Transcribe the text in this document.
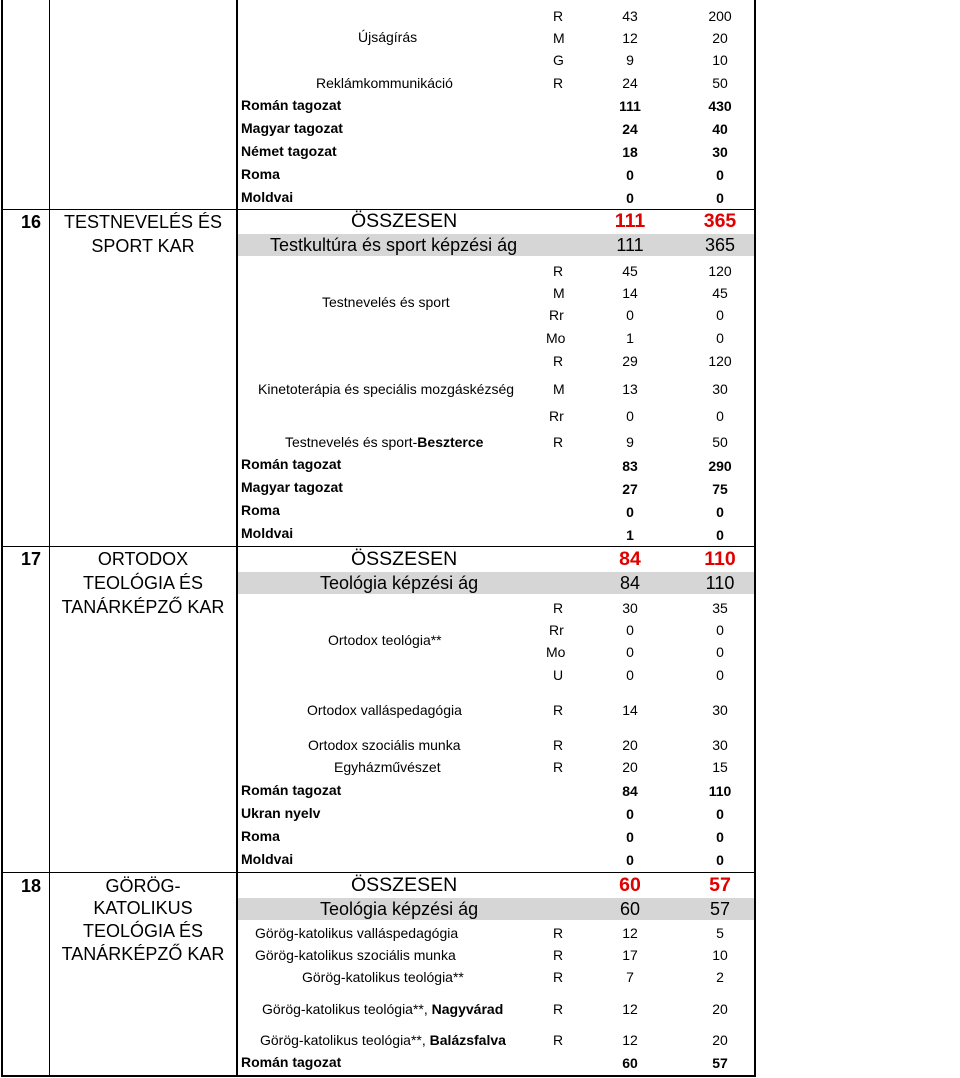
Újságírás
R	43	200
M	12	20
G	9	10
Reklámkommunikáció	R	24	50
Román tagozat	111	430
Magyar tagozat	24	40
Német tagozat	18	30
Roma	0	0
Moldvai	0	0
16	TESTNEVELÉS ÉS
SPORT KAR
ÖSSZESEN	111	365
Testkultúra és sport képzési ág	111	365
Testnevelés és sport
R	45	120
M	14	45
Rr	0	0
Mo	1	0
Kinetoterápia és speciális mozgáskézség
R	29	120
M	13	30
Rr	0	0
Testnevelés és sport-Beszterce	R	9	50
Román tagozat	83	290
Magyar tagozat	27	75
Roma	0	0
Moldvai	1	0
17	ORTODOX
TEOLÓGIA ÉS
TANÁRKÉPZŐ KAR
ÖSSZESEN	84	110
Teológia képzési ág	84	110
Ortodox teológia**
R	30	35
Rr	0	0
Mo	0	0
U	0	0
Ortodox valláspedagógia	R	14	30
Ortodox szociális munka	R	20	30
Egyházművészet	R	20	15
Román tagozat	84	110
Ukran nyelv	0	0
Roma	0	0
Moldvai	0	0
18	GÖRÖG-
KATOLIKUS
TEOLÓGIA ÉS
TANÁRKÉPZŐ KAR
ÖSSZESEN	60	57
Teológia képzési ág	60	57
Görög-katolikus valláspedagógia	R	12	5
Görög-katolikus szociális munka	R	17	10
Görög-katolikus teológia**	R	7	2
Görög-katolikus teológia**, Nagyvárad	R	12	20
Görög-katolikus teológia**, Balázsfalva	R	12	20
Román tagozat	60	57
